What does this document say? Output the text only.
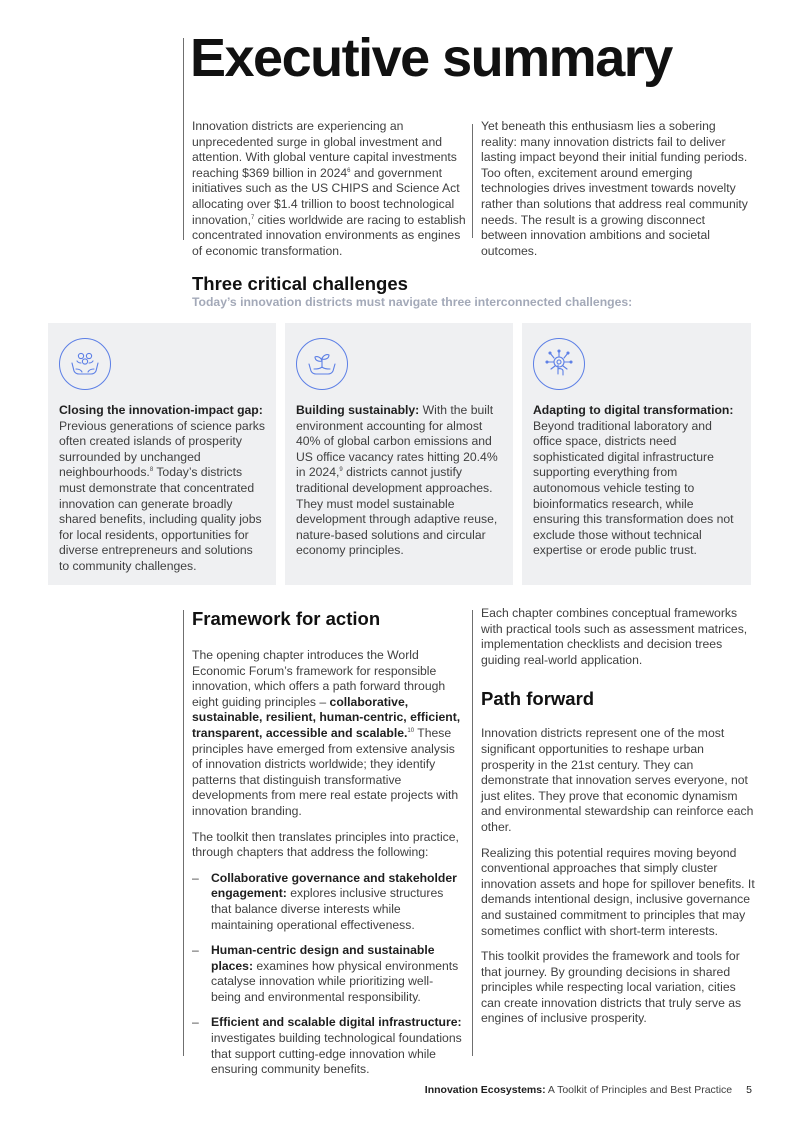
Executive summary
Innovation districts are experiencing an unprecedented surge in global investment and attention. With global venture capital investments reaching $369 billion in 2024$^6$ and government initiatives such as the US CHIPS and Science Act allocating over $1.4 trillion to boost technological innovation,$^7$ cities worldwide are racing to establish concentrated innovation environments as engines of economic transformation.
Yet beneath this enthusiasm lies a sobering reality: many innovation districts fail to deliver lasting impact beyond their initial funding periods. Too often, excitement around emerging technologies drives investment towards novelty rather than solutions that address real community needs. The result is a growing disconnect between innovation ambitions and societal outcomes.
Three critical challenges
Today’s innovation districts must navigate three interconnected challenges:
Closing the innovation-impact gap: Previous generations of science parks often created islands of prosperity surrounded by unchanged neighbourhoods.$^8$ Today’s districts must demonstrate that concentrated innovation can generate broadly shared benefits, including quality jobs for local residents, opportunities for diverse entrepreneurs and solutions to community challenges.
Building sustainably: With the built environment accounting for almost 40% of global carbon emissions and US office vacancy rates hitting 20.4% in 2024,$^9$ districts cannot justify traditional development approaches. They must model sustainable development through adaptive reuse, nature-based solutions and circular economy principles.
Adapting to digital transformation: Beyond traditional laboratory and office space, districts need sophisticated digital infrastructure supporting everything from autonomous vehicle testing to bioinformatics research, while ensuring this transformation does not exclude those without technical expertise or erode public trust.
Framework for action

The opening chapter introduces the World Economic Forum’s framework for responsible innovation, which offers a path forward through eight guiding principles – collaborative, sustainable, resilient, human-centric, efficient, transparent, accessible and scalable.$^{10}$ These principles have emerged from extensive analysis of innovation districts worldwide; they identify patterns that distinguish transformative developments from mere real estate projects with innovation branding.

The toolkit then translates principles into practice, through chapters that address the following:

– Collaborative governance and stakeholder engagement: explores inclusive structures that balance diverse interests while maintaining operational effectiveness.
– Human-centric design and sustainable places: examines how physical environments catalyse innovation while prioritizing well-being and environmental responsibility.
– Efficient and scalable digital infrastructure: investigates building technological foundations that support cutting-edge innovation while ensuring community benefits.

Each chapter combines conceptual frameworks with practical tools such as assessment matrices, implementation checklists and decision trees guiding real-world application.

Path forward

Innovation districts represent one of the most significant opportunities to reshape urban prosperity in the 21st century. They can demonstrate that innovation serves everyone, not just elites. They prove that economic dynamism and environmental stewardship can reinforce each other.

Realizing this potential requires moving beyond conventional approaches that simply cluster innovation assets and hope for spillover benefits. It demands intentional design, inclusive governance and sustained commitment to principles that may sometimes conflict with short-term interests.

This toolkit provides the framework and tools for that journey. By grounding decisions in shared principles while respecting local variation, cities can create innovation districts that truly serve as engines of inclusive prosperity.

Innovation Ecosystems: A Toolkit of Principles and Best Practice 5
